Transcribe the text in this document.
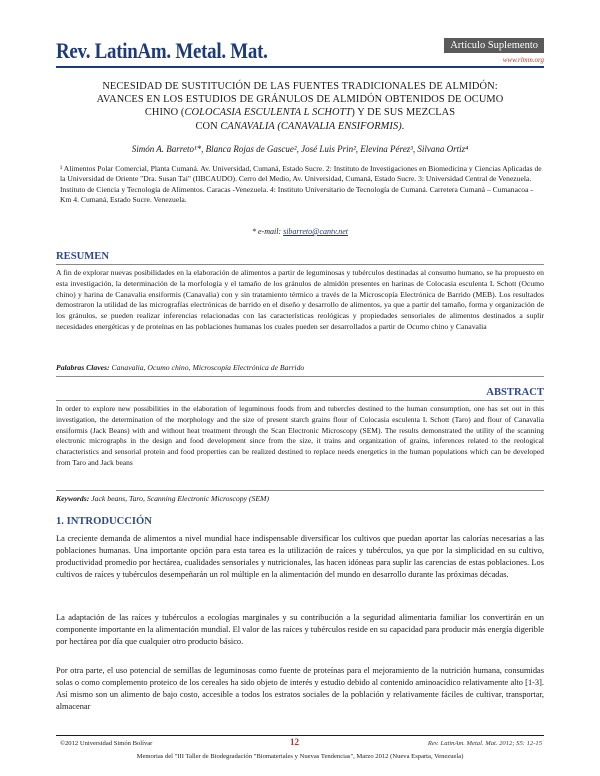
Rev. LatinAm. Metal. Mat.	Artículo Suplemento
www.rlmm.org
NECESIDAD DE SUSTITUCIÓN DE LAS FUENTES TRADICIONALES DE ALMIDÓN:
AVANCES EN LOS ESTUDIOS DE GRÁNULOS DE ALMIDÓN OBTENIDOS DE OCUMO
CHINO (COLOCASIA ESCULENTA L SCHOTT) Y DE SUS MEZCLAS
CON CANAVALIA (CANAVALIA ENSIFORMIS).
Simón A. Barreto¹*, Blanca Rojas de Gascue², José Luis Prin², Elevina Pérez³, Silvana Ortiz⁴
¹ Alimentos Polar Comercial, Planta Cumaná. Av. Universidad, Cumaná, Estado Sucre. 2: Instituto de Investigaciones en Biomedicina y Ciencias Aplicadas de la Universidad de Oriente "Dra. Susan Tai" (IIBCAUDO). Cerro del Medio, Av. Universidad, Cumaná, Estado Sucre. 3: Universidad Central de Venezuela. Instituto de Ciencia y Tecnología de Alimentos. Caracas -Venezuela. 4: Instituto Universitario de Tecnología de Cumaná. Carretera Cumaná – Cumanacoa - Km 4. Cumaná, Estado Sucre. Venezuela.
* e-mail: sibarreto@cantv.net
RESUMEN
A fin de explorar nuevas posibilidades en la elaboración de alimentos a partir de leguminosas y tubérculos destinadas al consumo humano, se ha propuesto en esta investigación, la determinación de la morfología y el tamaño de los gránulos de almidón presentes en harinas de Colocasia esculenta L Schott (Ocumo chino) y harina de Canavalia ensiformis (Canavalia) con y sin tratamiento térmico a través de la Microscopía Electrónica de Barrido (MEB). Los resultados demostraron la utilidad de las micrografías electrónicas de barrido en el diseño y desarrollo de alimentos, ya que a partir del tamaño, forma y organización de los gránulos, se pueden realizar inferencias relacionadas con las características reológicas y propiedades sensoriales de alimentos destinados a suplir necesidades energéticas y de proteínas en las poblaciones humanas los cuales pueden ser desarrollados a partir de Ocumo chino y Canavalia
Palabras Claves: Canavalia, Ocumo chino, Microscopía Electrónica de Barrido
ABSTRACT
In order to explore new possibilities in the elaboration of leguminous foods from and tubercles destined to the human consumption, one has set out in this investigation, the determination of the morphology and the size of present starch grains flour of Colocasia esculenta L Schott (Taro) and flour of Canavalia ensiformis (Jack Beans) with and without heat treatment through the Scan Electronic Microscopy (SEM). The results demonstrated the utility of the scanning electronic micrographs in the design and food development since from the size, it trains and organization of grains, inferences related to the reological characteristics and sensorial protein and food properties can be realized destined to replace needs energetics in the human populations which can be developed from Taro and Jack beans
Keywords: Jack beans, Taro, Scanning Electronic Microscopy (SEM)
1. INTRODUCCIÓN
La creciente demanda de alimentos a nivel mundial hace indispensable diversificar los cultivos que puedan aportar las calorías necesarias a las poblaciones humanas. Una importante opción para esta tarea es la utilización de raíces y tubérculos, ya que por la simplicidad en su cultivo, productividad promedio por hectárea, cualidades sensoriales y nutricionales, las hacen idóneas para suplir las carencias de estas poblaciones. Los cultivos de raíces y tubérculos desempeñarán un rol múltiple en la alimentación del mundo en desarrollo durante las próximas décadas.
La adaptación de las raíces y tubérculos a ecologías marginales y su contribución a la seguridad alimentaria familiar los convertirán en un componente importante en la alimentación mundial. El valor de las raíces y tubérculos reside en su capacidad para producir más energía digerible por hectárea por día que cualquier otro producto básico.
Por otra parte, el uso potencial de semillas de leguminosas como fuente de proteínas para el mejoramiento de la nutrición humana, consumidas solas o como complemento proteico de los cereales ha sido objeto de interés y estudio debido al contenido aminoacídico relativamente alto [1-3]. Así mismo son un alimento de bajo costo, accesible a todos los estratos sociales de la población y relativamente fáciles de cultivar, transportar, almacenar
©2012 Universidad Simón Bolívar	12	Rev. LatinAm. Metal. Mat. 2012; S5: 12-15
Memorias del "III Taller de Biodegradación "Biomateriales y Nuevas Tendencias", Marzo 2012 (Nueva Esparta, Venezuela)
